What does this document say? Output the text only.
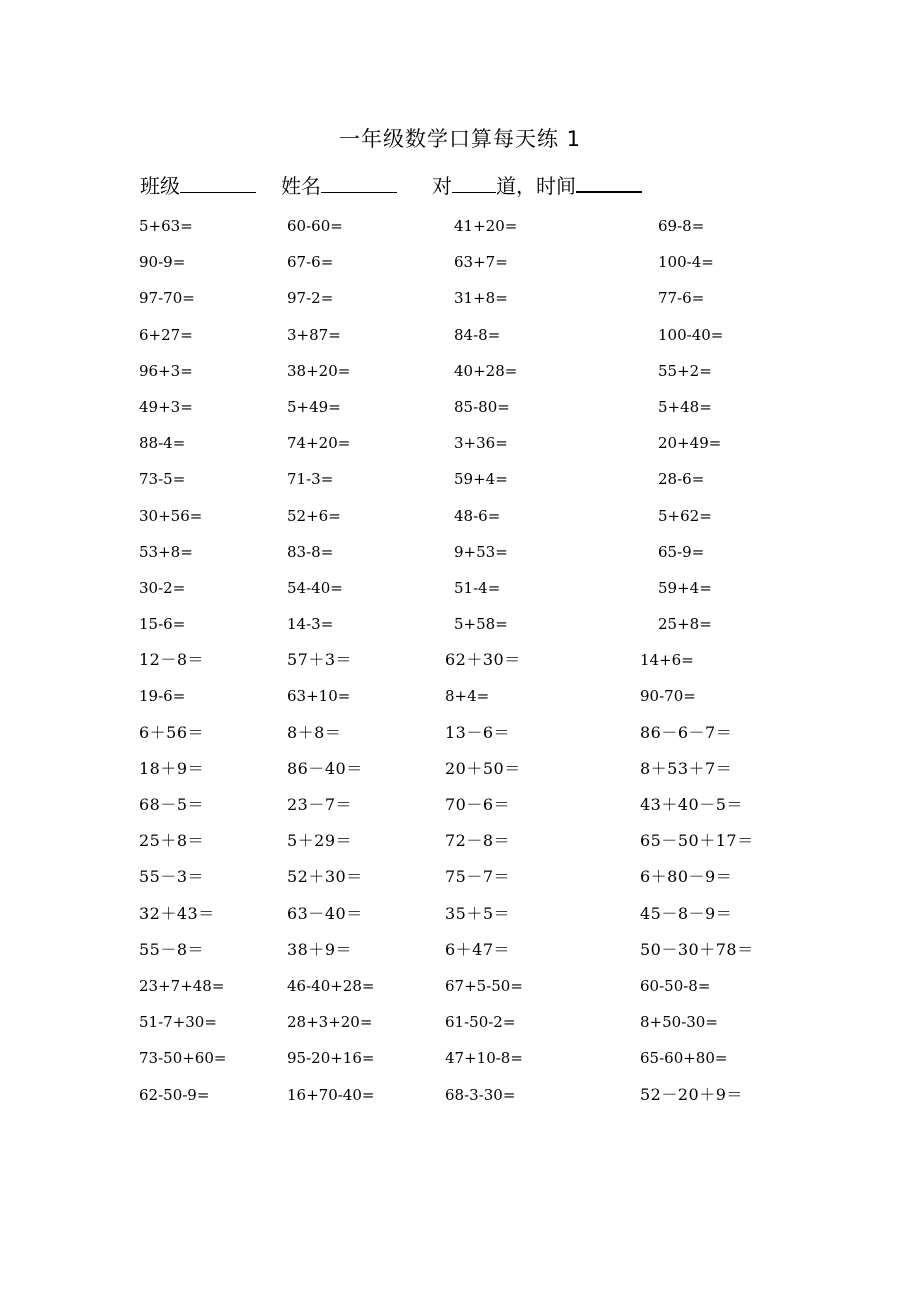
一年级数学口算每天练 1
班级	姓名	对 道，时间
5+63=	60-60=	41+20=	69-8=
90-9=	67-6=	63+7=	100-4=
97-70=	97-2=	31+8=	77-6=
6+27=	3+87=	84-8=	100-40=
96+3=	38+20=	40+28=	55+2=
49+3=	5+49=	85-80=	5+48=
88-4=	74+20=	3+36=	20+49=
73-5=	71-3=	59+4=	28-6=
30+56=	52+6=	48-6=	5+62=
53+8=	83-8=	9+53=	65-9=
30-2=	54-40=	51-4=	59+4=
15-6=	14-3=	5+58=	25+8=
12－8＝	57＋3＝	62＋30＝	14+6=
19-6=	63+10=	8+4=	90-70=
6＋56＝	8＋8＝	13－6＝	86－6－7＝
18＋9＝	86－40＝	20＋50＝	8＋53＋7＝
68－5＝	23－7＝	70－6＝	43＋40－5＝
25＋8＝	5＋29＝	72－8＝	65－50＋17＝
55－3＝	52＋30＝	75－7＝	6＋80－9＝
32＋43＝	63－40＝	35＋5＝	45－8－9＝
55－8＝	38＋9＝	6＋47＝	50－30＋78＝
23+7+48=	46-40+28=	67+5-50=	60-50-8=
51-7+30=	28+3+20=	61-50-2=	8+50-30=
73-50+60=	95-20+16=	47+10-8=	65-60+80=
62-50-9=	16+70-40=	68-3-30=	52－20＋9＝
